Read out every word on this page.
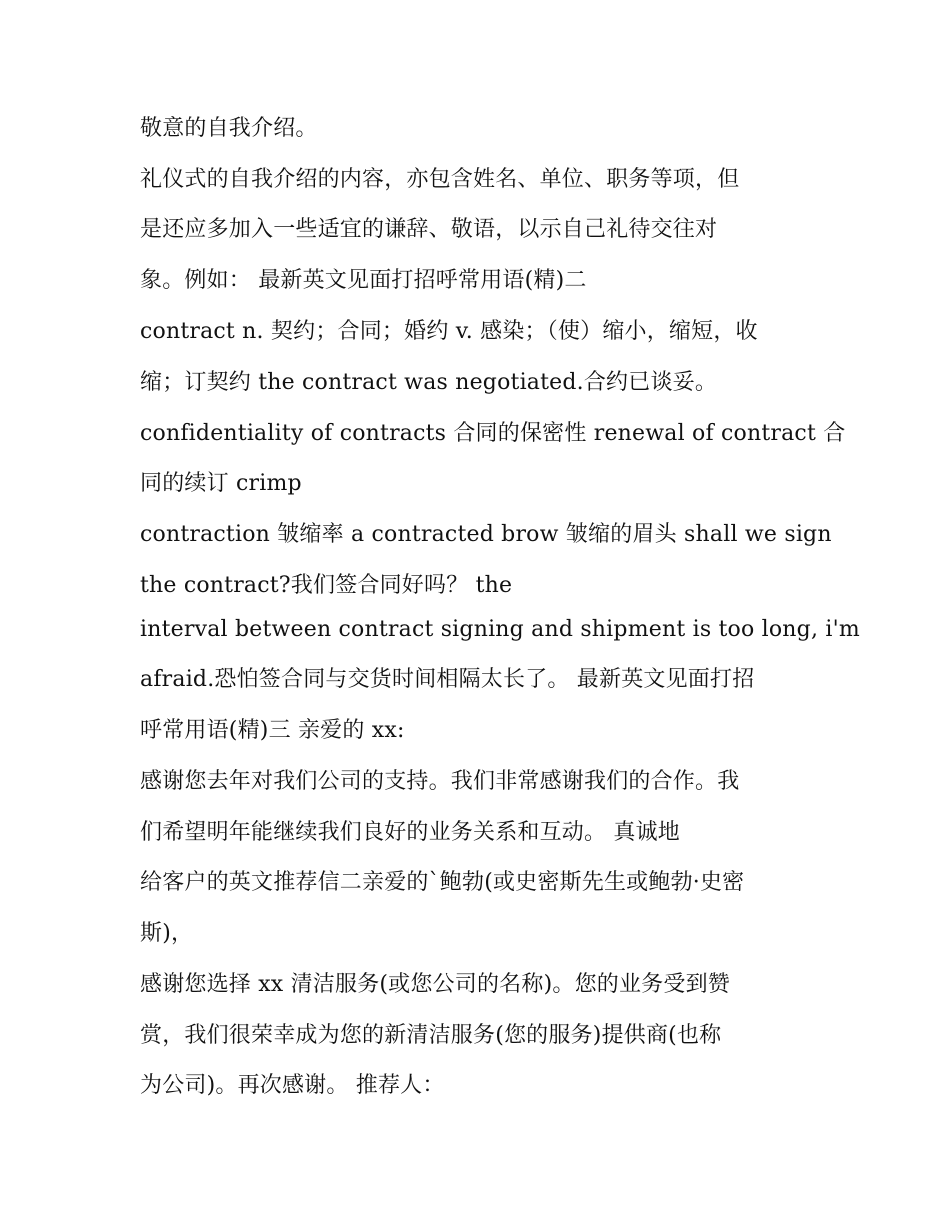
敬意的自我介绍。
礼仪式的自我介绍的内容，亦包含姓名、单位、职务等项，但
是还应多加入一些适宜的谦辞、敬语，以示自己礼待交往对
象。例如： 最新英文见面打招呼常用语(精)二
contract n. 契约；合同；婚约 v. 感染；（使）缩小，缩短，收
缩；订契约 the contract was negotiated.合约已谈妥。
confidentiality of contracts 合同的保密性 renewal of contract 合
同的续订 crimp
contraction 皱缩率 a contracted brow 皱缩的眉头 shall we sign
the contract?我们签合同好吗？ the
interval between contract signing and shipment is too long, i'm
afraid.恐怕签合同与交货时间相隔太长了。 最新英文见面打招
呼常用语(精)三 亲爱的 xx:
感谢您去年对我们公司的支持。我们非常感谢我们的合作。我
们希望明年能继续我们良好的业务关系和互动。 真诚地
给客户的英文推荐信二亲爱的`鲍勃(或史密斯先生或鲍勃·史密
斯)，
感谢您选择 xx 清洁服务(或您公司的名称)。您的业务受到赞
赏，我们很荣幸成为您的新清洁服务(您的服务)提供商(也称
为公司)。再次感谢。 推荐人：
